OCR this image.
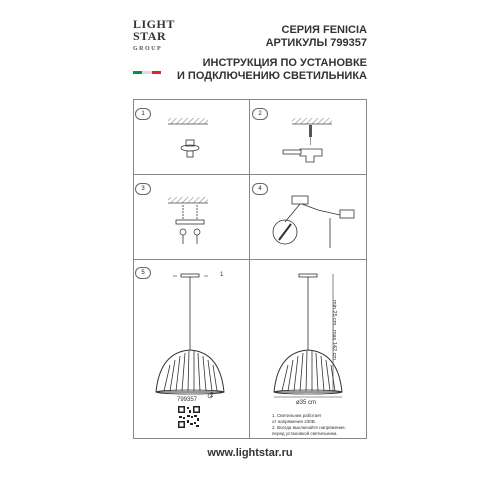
LIGHT
STAR
GROUP
СЕРИЯ FENICIA
АРТИКУЛЫ 799357
ИНСТРУКЦИЯ ПО УСТАНОВКЕ
И ПОДКЛЮЧЕНИЮ СВЕТИЛЬНИКА
1	2
3	4
5	1
2
min 25 cm...max 142 cm
ø35 cm
799357
1. Светильник работает
от напряжения 230В.
2. Всегда выключайте напряжение,
перед установкой светильника.
www.lightstar.ru
